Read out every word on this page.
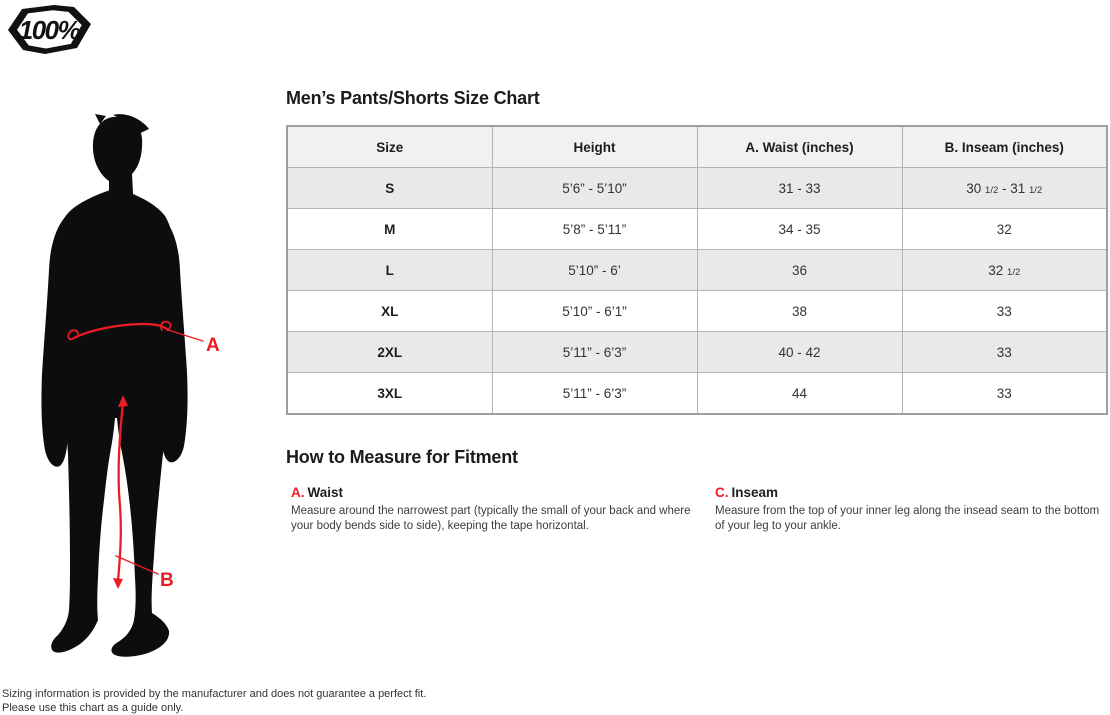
100%
A
B
Men’s Pants/Shorts Size Chart
Size	Height	A. Waist (inches)	B. Inseam (inches)
S	5’6” - 5’10”	31 - 33	30 1/2 - 31 1/2
M	5’8” - 5’11”	34 - 35	32
L	5’10” - 6’	36	32 1/2
XL	5’10” - 6’1”	38	33
2XL	5’11” - 6’3”	40 - 42	33
3XL	5’11” - 6’3”	44	33
How to Measure for Fitment

A. Waist

Measure around the narrowest part (typically the small of your back and where your body bends side to side), keeping the tape horizontal.

C. Inseam

Measure from the top of your inner leg along the insead seam to the bottom of your leg to your ankle.

Sizing information is provided by the manufacturer and does not guarantee a perfect fit.
Please use this chart as a guide only.
